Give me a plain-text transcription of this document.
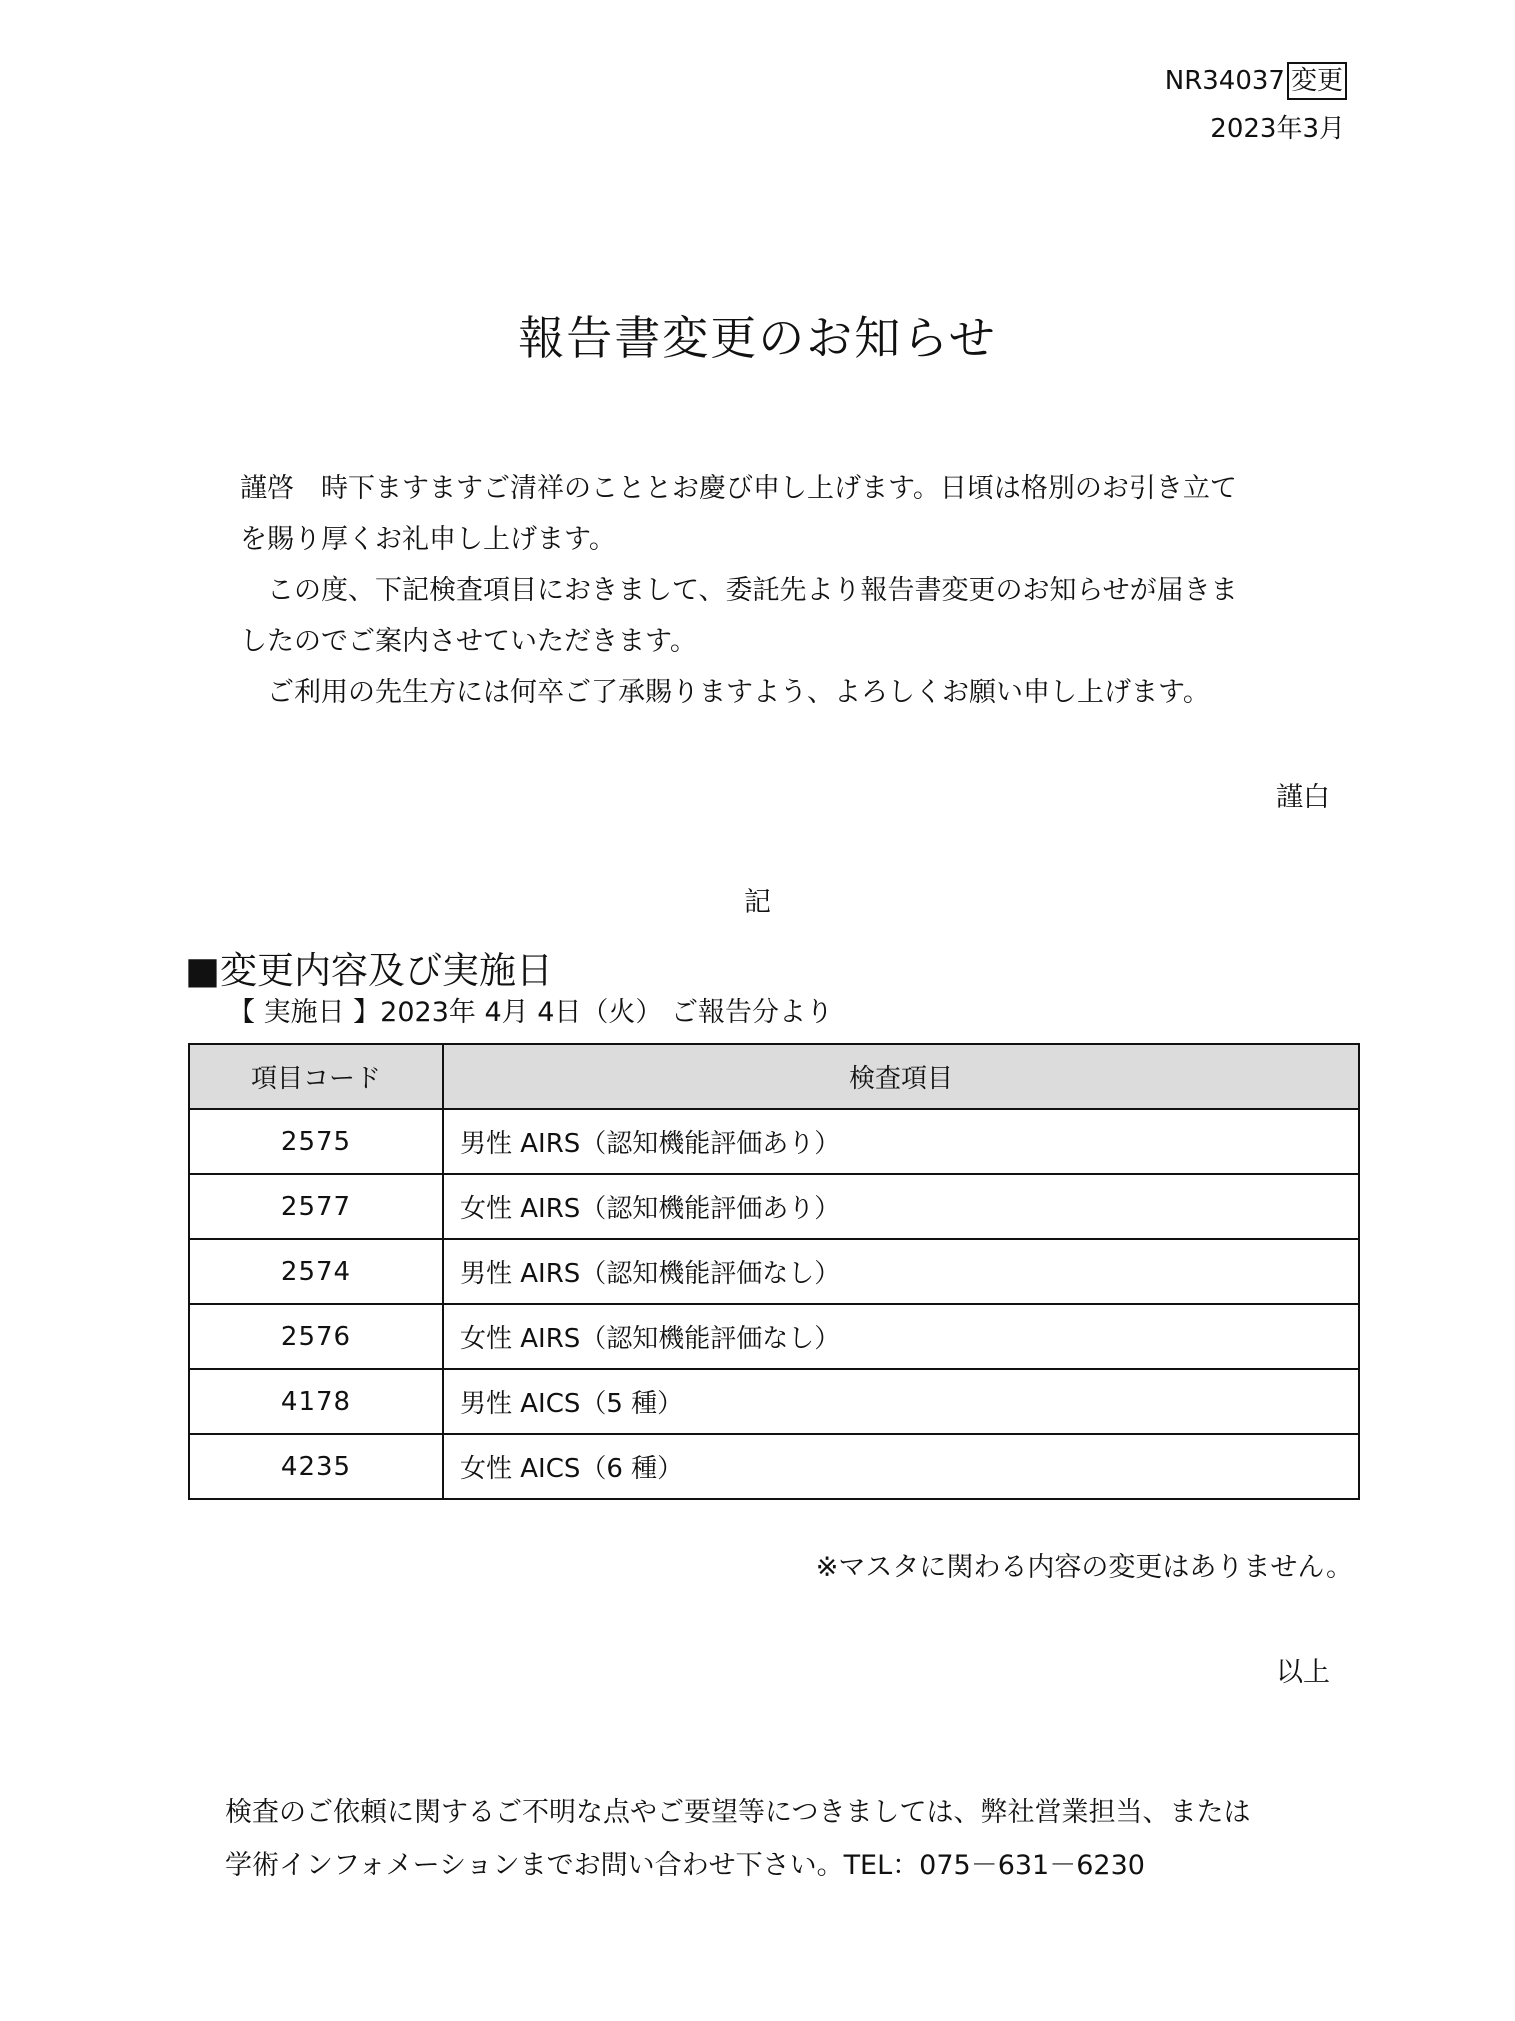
NR34037 変更
2023年3月
報告書変更のお知らせ
謹啓　時下ますますご清祥のこととお慶び申し上げます。日頃は格別のお引き立て
を賜り厚くお礼申し上げます。
　この度、下記検査項目におきまして、委託先より報告書変更のお知らせが届きま
したのでご案内させていただきます。
　ご利用の先生方には何卒ご了承賜りますよう、よろしくお願い申し上げます。
謹白
記
■変更内容及び実施日
【 実施日 】2023年 4月 4日（火） ご報告分より
項目コード	検査項目
2575	男性 AIRS（認知機能評価あり）
2577	女性 AIRS（認知機能評価あり）
2574	男性 AIRS（認知機能評価なし）
2576	女性 AIRS（認知機能評価なし）
4178	男性 AICS（5 種）
4235	女性 AICS（6 種）
※マスタに関わる内容の変更はありません。
以上
検査のご依頼に関するご不明な点やご要望等につきましては、弊社営業担当、または
学術インフォメーションまでお問い合わせ下さい。TEL：075－631－6230
